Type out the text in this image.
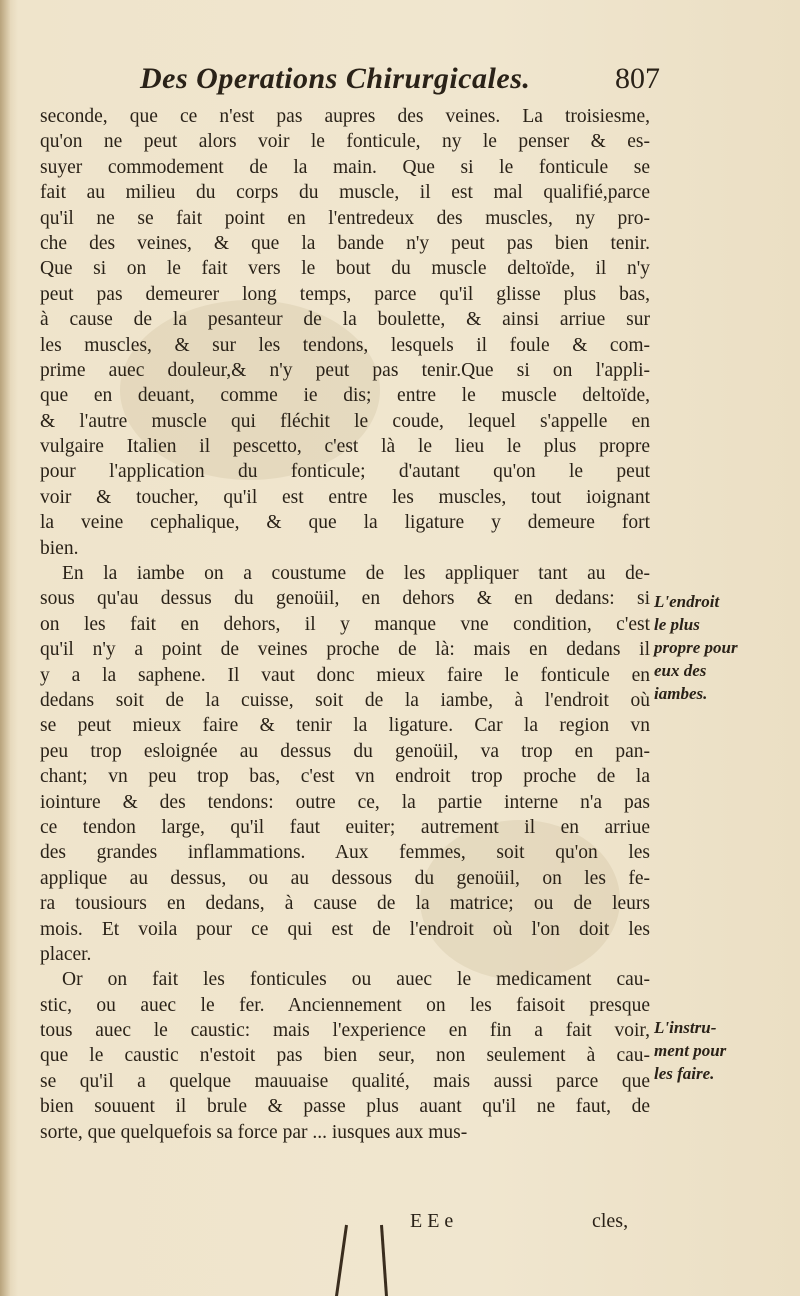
Des Operations Chirurgicales.	807
seconde, que ce n'est pas aupres des veines. La troisiesme,
qu'on ne peut alors voir le fonticule, ny le penser & es-
suyer commodement de la main. Que si le fonticule se
fait au milieu du corps du muscle, il est mal qualifié,parce
qu'il ne se fait point en l'entredeux des muscles, ny pro-
che des veines, & que la bande n'y peut pas bien tenir.
Que si on le fait vers le bout du muscle deltoïde, il n'y
peut pas demeurer long temps, parce qu'il glisse plus bas,
à cause de la pesanteur de la boulette, & ainsi arriue sur
les muscles, & sur les tendons, lesquels il foule & com-
prime auec douleur,& n'y peut pas tenir.Que si on l'appli-
que en deuant, comme ie dis; entre le muscle deltoïde,
& l'autre muscle qui fléchit le coude, lequel s'appelle en
vulgaire Italien il pescetto, c'est là le lieu le plus propre
pour l'application du fonticule; d'autant qu'on le peut
voir & toucher, qu'il est entre les muscles, tout ioignant
la veine cephalique, & que la ligature y demeure fort
bien.
En la iambe on a coustume de les appliquer tant au de-
sous qu'au dessus du genoüil, en dehors & en dedans: si
on les fait en dehors, il y manque vne condition, c'est
qu'il n'y a point de veines proche de là: mais en dedans il
y a la saphene. Il vaut donc mieux faire le fonticule en
dedans soit de la cuisse, soit de la iambe, à l'endroit où
se peut mieux faire & tenir la ligature. Car la region vn
peu trop esloignée au dessus du genoüil, va trop en pan-
chant; vn peu trop bas, c'est vn endroit trop proche de la
iointure & des tendons: outre ce, la partie interne n'a pas
ce tendon large, qu'il faut euiter; autrement il en arriue
des grandes inflammations. Aux femmes, soit qu'on les
applique au dessus, ou au dessous du genoüil, on les fe-
ra tousiours en dedans, à cause de la matrice; ou de leurs
mois. Et voila pour ce qui est de l'endroit où l'on doit les
placer.
Or on fait les fonticules ou auec le medicament cau-
stic, ou auec le fer. Anciennement on les faisoit presque
tous auec le caustic: mais l'experience en fin a fait voir,
que le caustic n'estoit pas bien seur, non seulement à cau-
se qu'il a quelque mauuaise qualité, mais aussi parce que
bien souuent il brule & passe plus auant qu'il ne faut, de
sorte, que quelquefois sa force par ... iusques aux mus-
L'endroit
le plus
propre pour
eux des
iambes.
L'instru-
ment pour
les faire.
E E e	cles,
